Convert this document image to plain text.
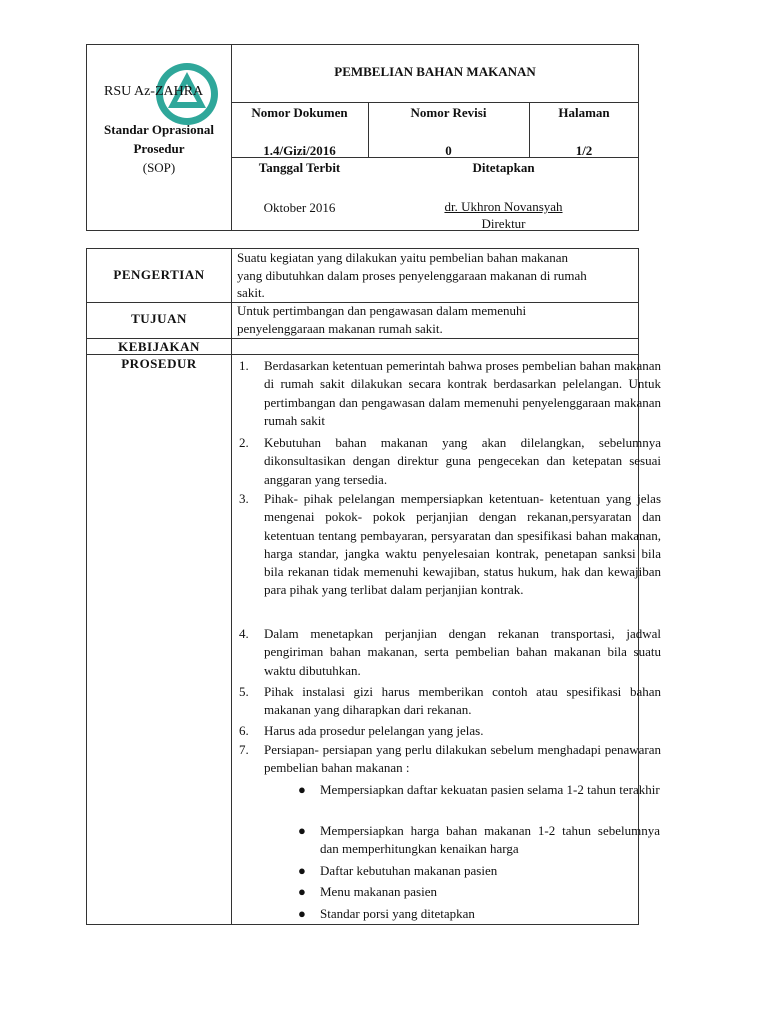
RSU Az-ZAHRA
Standar Oprasional
Prosedur
(SOP)
PEMBELIAN BAHAN MAKANAN
Nomor Dokumen
1.4/Gizi/2016
Nomor Revisi
0
Halaman
1/2
Tanggal Terbit
Oktober 2016
Ditetapkan
dr. Ukhron Novansyah
Direktur
PENGERTIAN
Suatu kegiatan yang dilakukan yaitu pembelian bahan makanan
yang dibutuhkan dalam proses penyelenggaraan makanan di rumah
sakit.
TUJUAN
Untuk pertimbangan dan pengawasan dalam memenuhi
penyelenggaraan makanan rumah sakit.
KEBIJAKAN
PROSEDUR	1. Berdasarkan ketentuan pemerintah bahwa proses pembelian bahan makanan di rumah sakit dilakukan secara kontrak berdasarkan pelelangan. Untuk pertimbangan dan pengawasan dalam memenuhi penyelenggaraan makanan rumah sakit
2. Kebutuhan bahan makanan yang akan dilelangkan, sebelumnya dikonsultasikan dengan direktur guna pengecekan dan ketepatan sesuai anggaran yang tersedia.
3. Pihak- pihak pelelangan mempersiapkan ketentuan- ketentuan yang jelas mengenai pokok- pokok perjanjian dengan rekanan,persyaratan dan ketentuan tentang pembayaran, persyaratan dan spesifikasi bahan makanan, harga standar, jangka waktu penyelesaian kontrak, penetapan sanksi bila bila rekanan tidak memenuhi kewajiban, status hukum, hak dan kewajiban para pihak yang terlibat dalam perjanjian kontrak.
4. Dalam menetapkan perjanjian dengan rekanan transportasi, jadwal pengiriman bahan makanan, serta pembelian bahan makanan bila suatu waktu dibutuhkan.
5. Pihak instalasi gizi harus memberikan contoh atau spesifikasi bahan makanan yang diharapkan dari rekanan.
6. Harus ada prosedur pelelangan yang jelas.
7. Persiapan- persiapan yang perlu dilakukan sebelum menghadapi penawaran pembelian bahan makanan :
● Mempersiapkan daftar kekuatan pasien selama 1-2 tahun terakhir
● Mempersiapkan harga bahan makanan 1-2 tahun sebelumnya dan memperhitungkan kenaikan harga
● Daftar kebutuhan makanan pasien
● Menu makanan pasien
● Standar porsi yang ditetapkan
